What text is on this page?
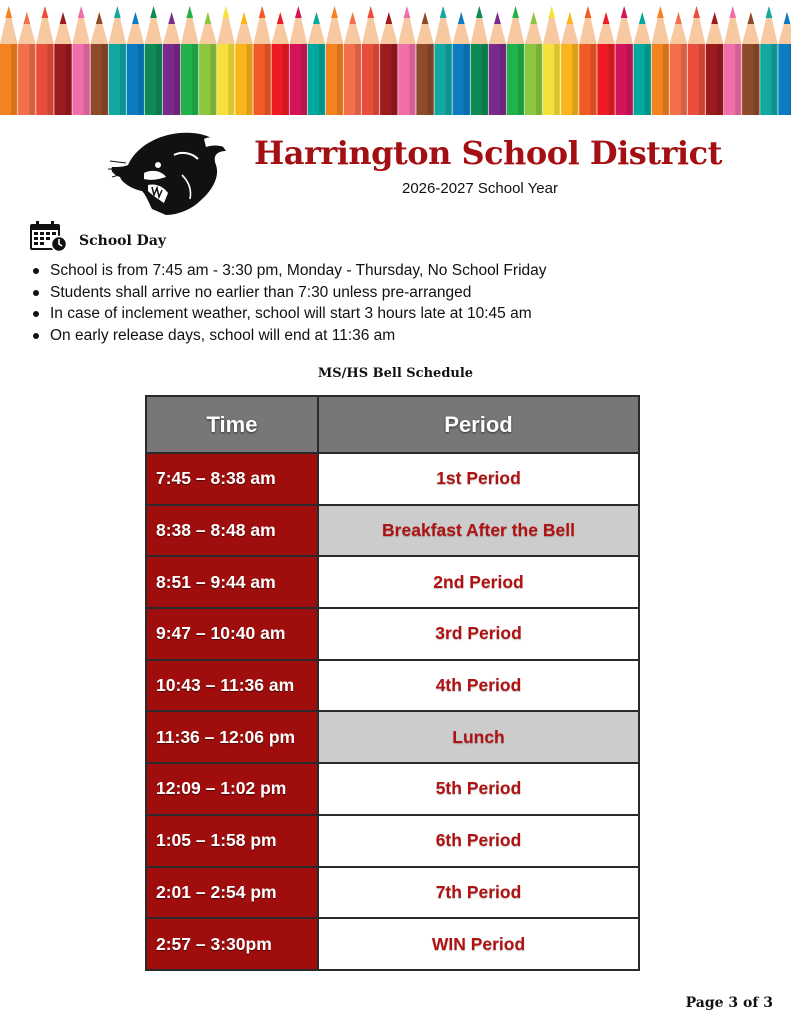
Harrington School District
2026-2027 School Year
School Day
School is from 7:45 am - 3:30 pm, Monday - Thursday, No School Friday
Students shall arrive no earlier than 7:30 unless pre-arranged
In case of inclement weather, school will start 3 hours late at 10:45 am
On early release days, school will end at 11:36 am
MS/HS Bell Schedule
Time	Period
7:45 – 8:38 am	1st Period
8:38 – 8:48 am	Breakfast After the Bell
8:51 – 9:44 am	2nd Period
9:47 – 10:40 am	3rd Period
10:43 – 11:36 am	4th Period
11:36 – 12:06 pm	Lunch
12:09 – 1:02 pm	5th Period
1:05 – 1:58 pm	6th Period
2:01 – 2:54 pm	7th Period
2:57 – 3:30pm	WIN Period
Page 3 of 3
